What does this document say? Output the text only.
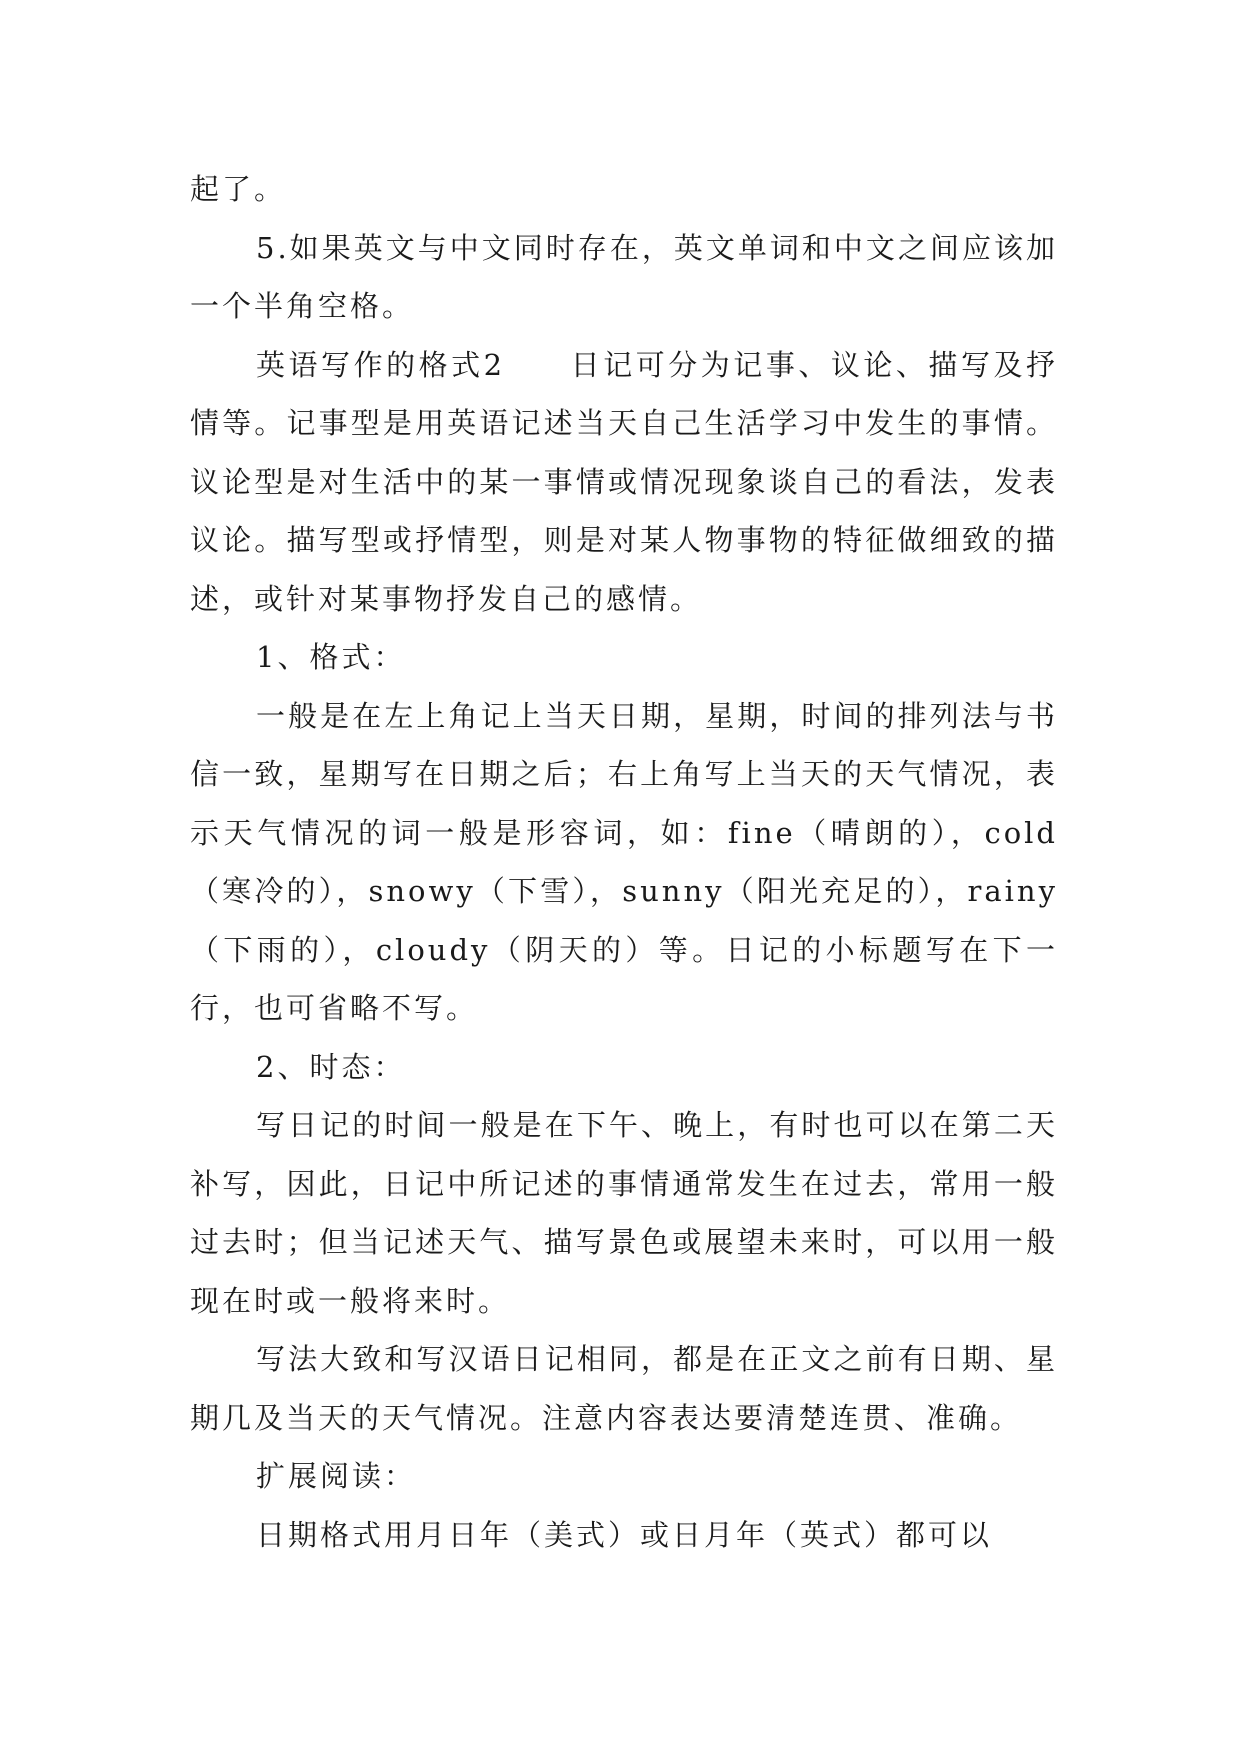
起了。

5.如果英文与中文同时存在，英文单词和中文之间应该加一个半角空格。

英语写作的格式2　　日记可分为记事、议论、描写及抒情等。记事型是用英语记述当天自己生活学习中发生的事情。议论型是对生活中的某一事情或情况现象谈自己的看法，发表议论。描写型或抒情型，则是对某人物事物的特征做细致的描述，或针对某事物抒发自己的感情。

1、格式：

一般是在左上角记上当天日期，星期，时间的排列法与书信一致，星期写在日期之后；右上角写上当天的天气情况，表示天气情况的词一般是形容词，如：fine（晴朗的），cold（寒冷的），snowy（下雪），sunny（阳光充足的），rainy（下雨的），cloudy（阴天的）等。日记的小标题写在下一行，也可省略不写。

2、时态：

写日记的时间一般是在下午、晚上，有时也可以在第二天补写，因此，日记中所记述的事情通常发生在过去，常用一般过去时；但当记述天气、描写景色或展望未来时，可以用一般现在时或一般将来时。

写法大致和写汉语日记相同，都是在正文之前有日期、星期几及当天的天气情况。注意内容表达要清楚连贯、准确。

扩展阅读：

日期格式用月日年（美式）或日月年（英式）都可以
